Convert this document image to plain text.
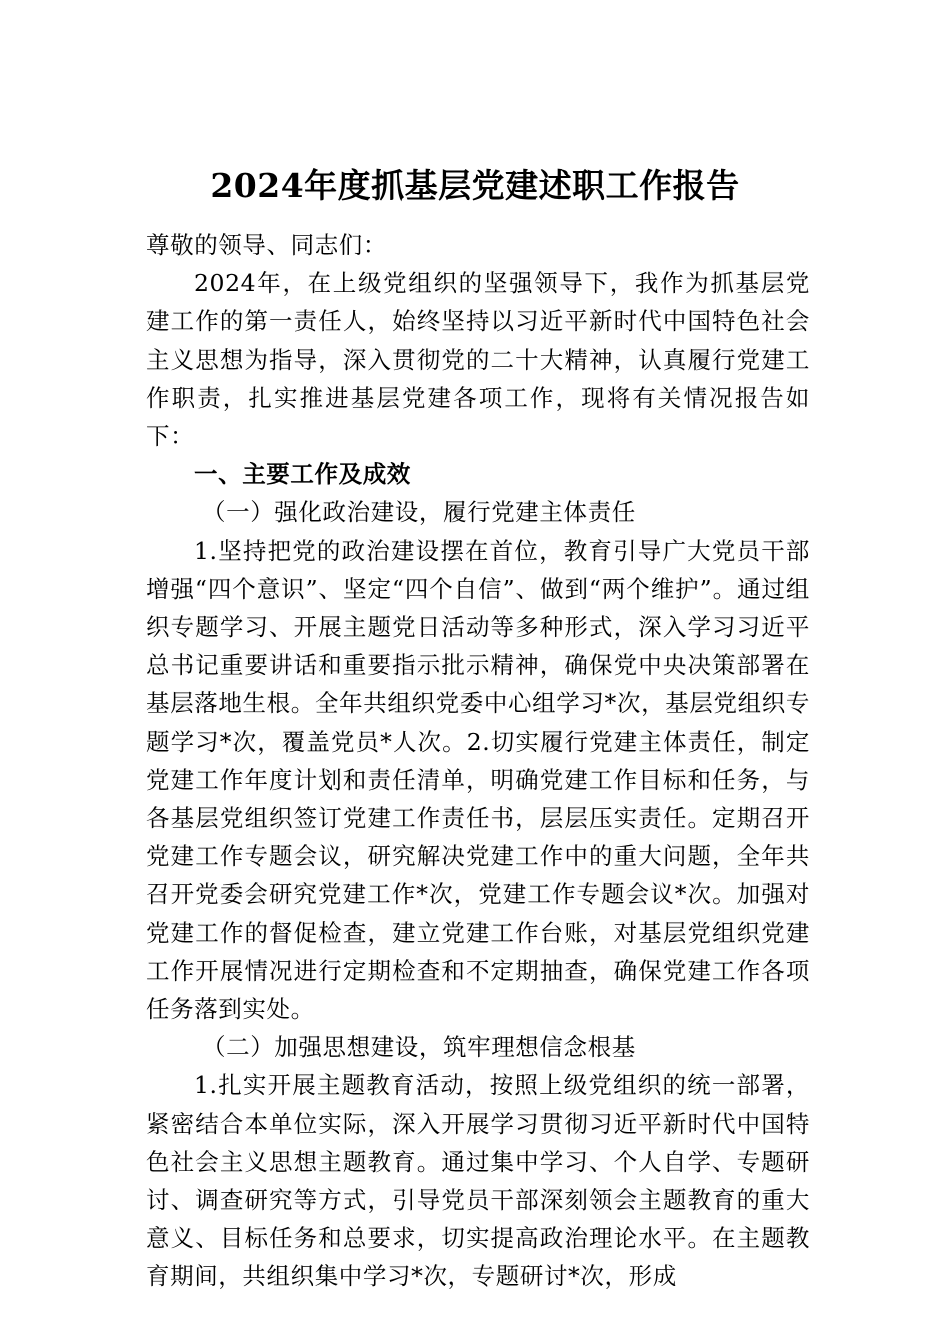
2024年度抓基层党建述职工作报告

尊敬的领导、同志们：

2024年，在上级党组织的坚强领导下，我作为抓基层党建工作的第一责任人，始终坚持以习近平新时代中国特色社会主义思想为指导，深入贯彻党的二十大精神，认真履行党建工作职责，扎实推进基层党建各项工作，现将有关情况报告如下：

一、主要工作及成效

（一）强化政治建设，履行党建主体责任

1.坚持把党的政治建设摆在首位，教育引导广大党员干部增强“四个意识”、坚定“四个自信”、做到“两个维护”。通过组织专题学习、开展主题党日活动等多种形式，深入学习习近平总书记重要讲话和重要指示批示精神，确保党中央决策部署在基层落地生根。全年共组织党委中心组学习*次，基层党组织专题学习*次，覆盖党员*人次。2.切实履行党建主体责任，制定党建工作年度计划和责任清单，明确党建工作目标和任务，与各基层党组织签订党建工作责任书，层层压实责任。定期召开党建工作专题会议，研究解决党建工作中的重大问题，全年共召开党委会研究党建工作*次，党建工作专题会议*次。加强对党建工作的督促检查，建立党建工作台账，对基层党组织党建工作开展情况进行定期检查和不定期抽查，确保党建工作各项任务落到实处。

（二）加强思想建设，筑牢理想信念根基

1.扎实开展主题教育活动，按照上级党组织的统一部署，紧密结合本单位实际，深入开展学习贯彻习近平新时代中国特色社会主义思想主题教育。通过集中学习、个人自学、专题研讨、调查研究等方式，引导党员干部深刻领会主题教育的重大意义、目标任务和总要求，切实提高政治理论水平。在主题教育期间，共组织集中学习*次，专题研讨*次，形成
